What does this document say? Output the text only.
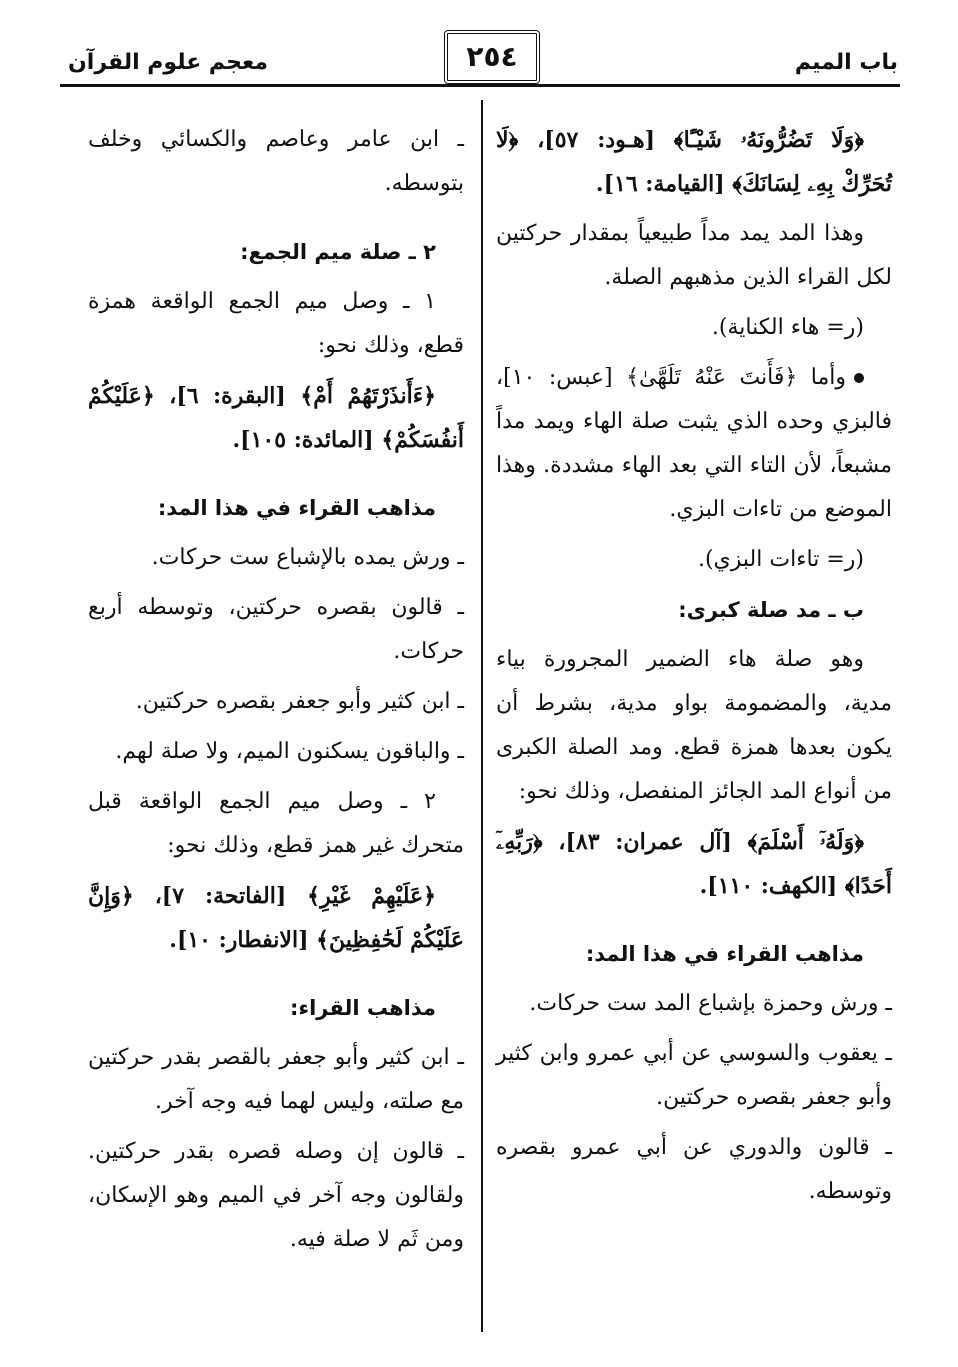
باب الميم
٢٥٤
معجم علوم القرآن
﴿وَلَا تَضُرُّونَهُۥ شَيْـًٔا﴾ [هـود: ٥٧]، ﴿لَا تُحَرِّكْ بِهِۦ لِسَانَكَ﴾ [القيامة: ١٦].
وهذا المد يمد مداً طبيعياً بمقدار حركتين لكل القراء الذين مذهبهم الصلة.
(ر= هاء الكناية).
وأما ﴿فَأَنتَ عَنْهُ تَلَهَّىٰ﴾ [عبس: ١٠]، فالبزي وحده الذي يثبت صلة الهاء ويمد مداً مشبعاً، لأن التاء التي بعد الهاء مشددة. وهذا الموضع من تاءات البزي.
(ر= تاءات البزي).
ب ـ مد صلة كبرى:
وهو صلة هاء الضمير المجرورة بياء مدية، والمضمومة بواو مدية، بشرط أن يكون بعدها همزة قطع. ومد الصلة الكبرى من أنواع المد الجائز المنفصل، وذلك نحو:
﴿وَلَهُۥٓ أَسْلَمَ﴾ [آل عمران: ٨٣]، ﴿رَبِّهِۦٓ أَحَدًا﴾ [الكهف: ١١٠].
مذاهب القراء في هذا المد:
ـ ورش وحمزة بإشباع المد ست حركات.
ـ يعقوب والسوسي عن أبي عمرو وابن كثير وأبو جعفر بقصره حركتين.
ـ قالون والدوري عن أبي عمرو بقصره وتوسطه.
ـ ابن عامر وعاصم والكسائي وخلف بتوسطه.
٢ ـ صلة ميم الجمع:
١ ـ وصل ميم الجمع الواقعة همزة قطع، وذلك نحو:
﴿ءَأَنذَرْتَهُمْ أَمْ﴾ [البقرة: ٦]، ﴿عَلَيْكُمْ أَنفُسَكُمْ﴾ [المائدة: ١٠٥].
مذاهب القراء في هذا المد:
ـ ورش يمده بالإشباع ست حركات.
ـ قالون بقصره حركتين، وتوسطه أربع حركات.
ـ ابن كثير وأبو جعفر بقصره حركتين.
ـ والباقون يسكنون الميم، ولا صلة لهم.
٢ ـ وصل ميم الجمع الواقعة قبل متحرك غير همز قطع، وذلك نحو:
﴿عَلَيْهِمْ غَيْرِ﴾ [الفاتحة: ٧]، ﴿وَإِنَّ عَلَيْكُمْ لَحَٰفِظِينَ﴾ [الانفطار: ١٠].
مذاهب القراء:
ـ ابن كثير وأبو جعفر بالقصر بقدر حركتين مع صلته، وليس لهما فيه وجه آخر.
ـ قالون إن وصله قصره بقدر حركتين. ولقالون وجه آخر في الميم وهو الإسكان، ومن ثَم لا صلة فيه.
